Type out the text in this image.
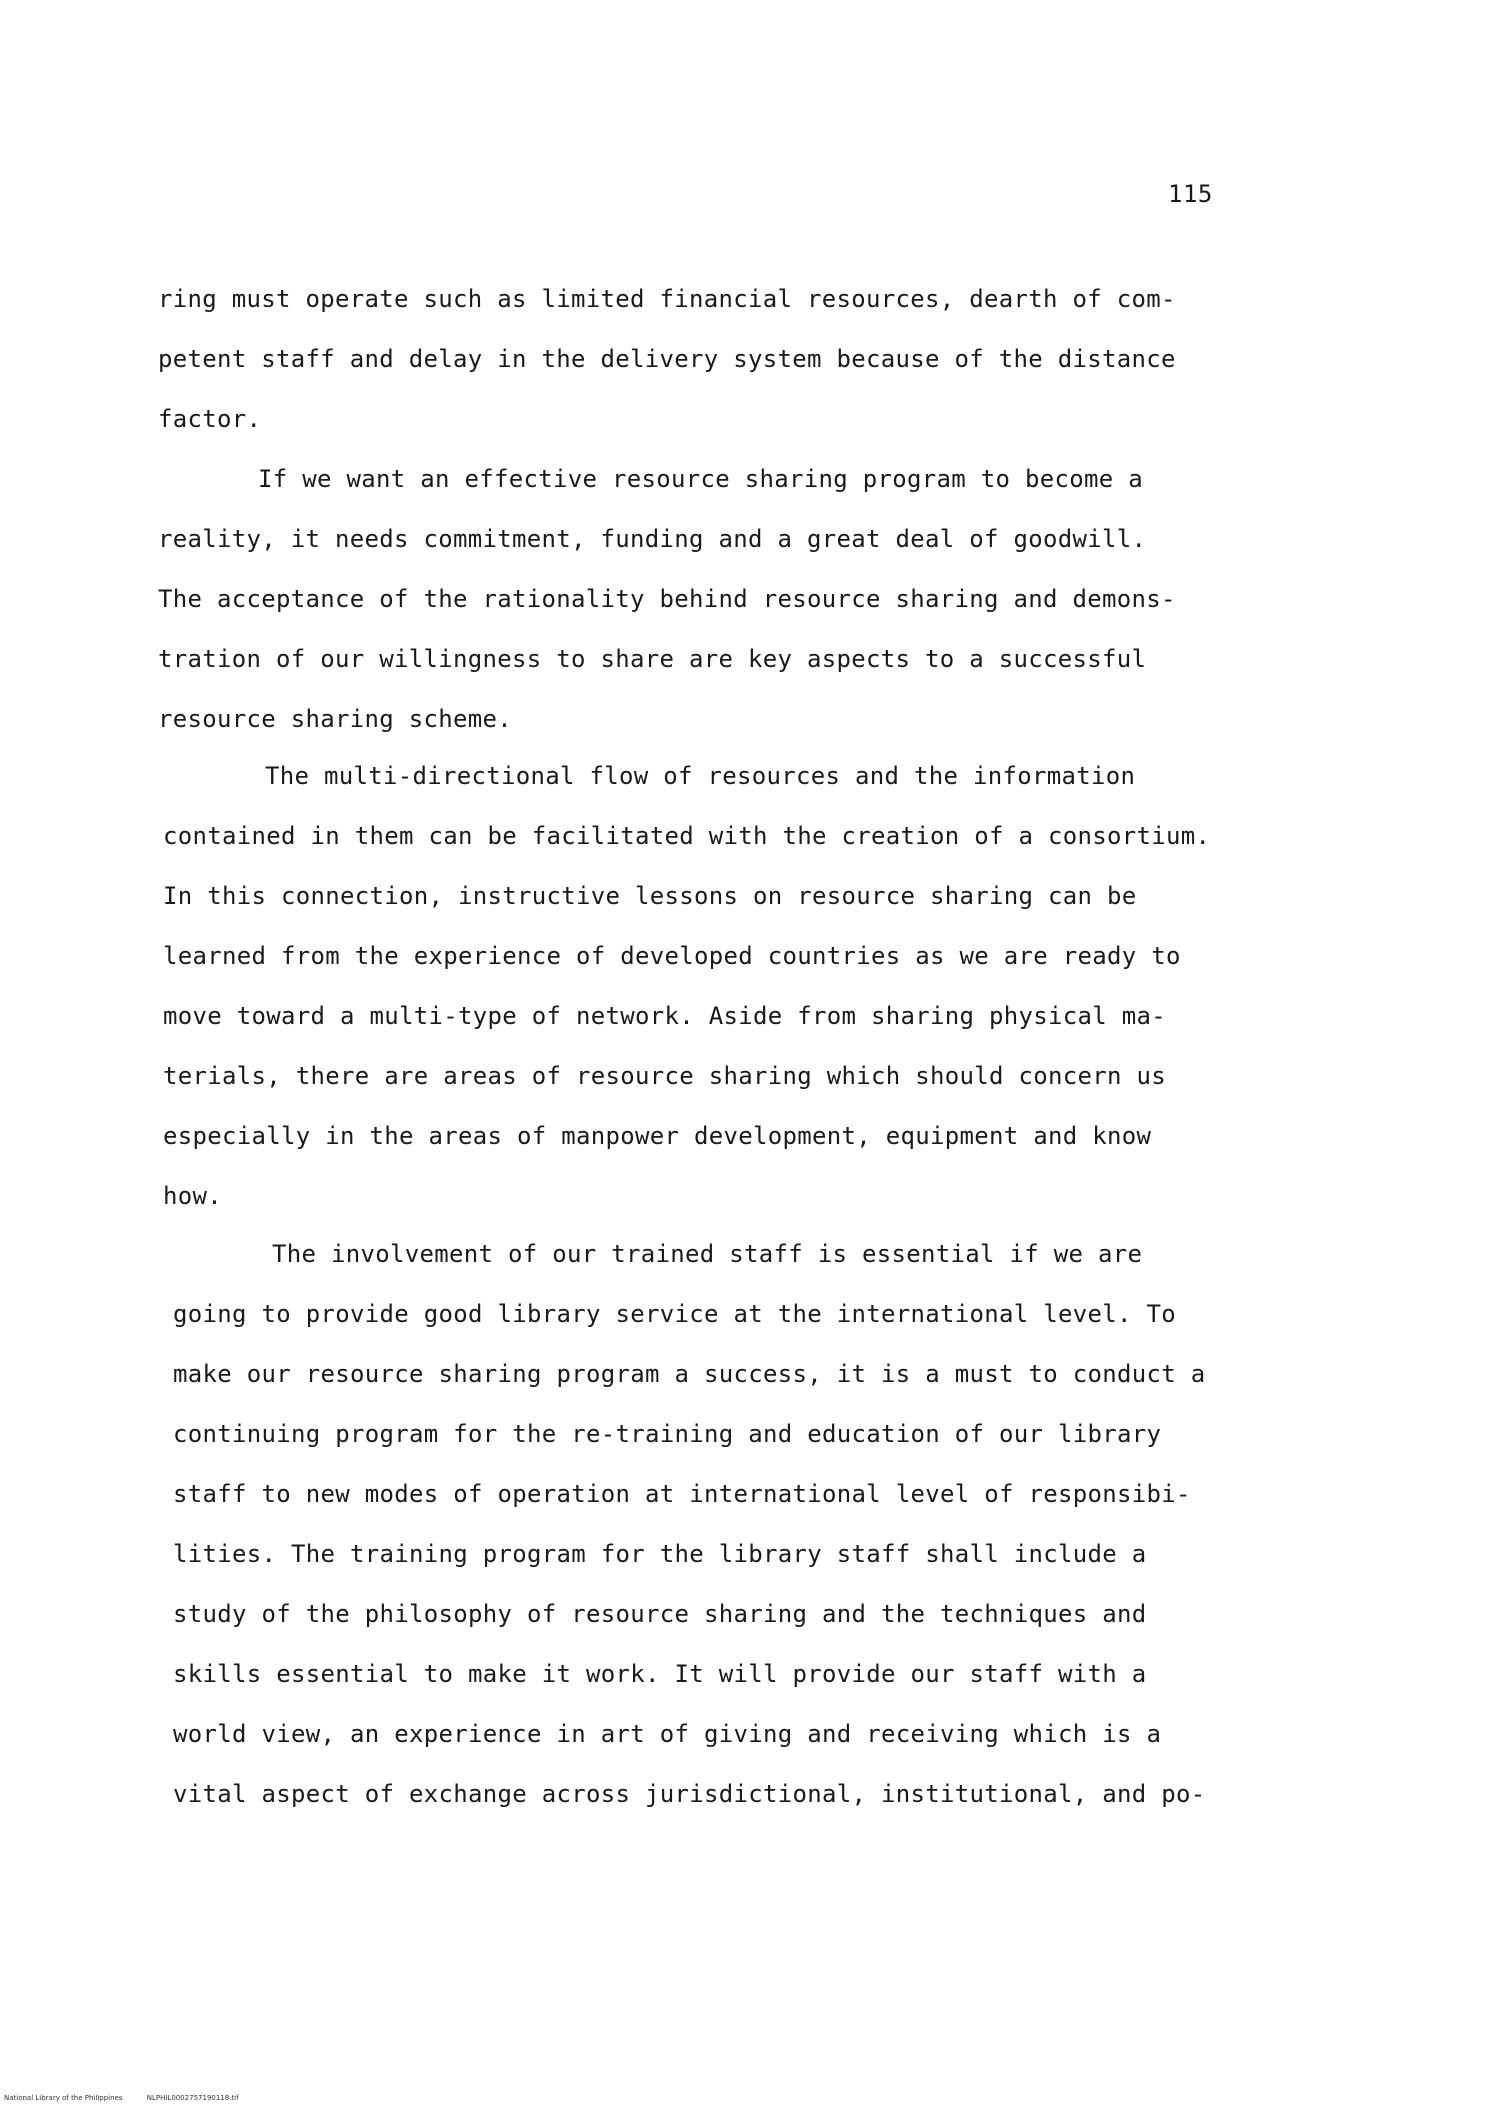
115
ring must operate such as limited financial resources, dearth of com-
petent staff and delay in the delivery system because of the distance
factor.
If we want an effective resource sharing program to become a
reality, it needs commitment, funding and a great deal of goodwill.
The acceptance of the rationality behind resource sharing and demons-
tration of our willingness to share are key aspects to a successful
resource sharing scheme.
The multi-directional flow of resources and the information
contained in them can be facilitated with the creation of a consortium.
In this connection, instructive lessons on resource sharing can be
learned from the experience of developed countries as we are ready to
move toward a multi-type of network. Aside from sharing physical ma-
terials, there are areas of resource sharing which should concern us
especially in the areas of manpower development, equipment and know
how.
The involvement of our trained staff is essential if we are
going to provide good library service at the international level. To
make our resource sharing program a success, it is a must to conduct a
continuing program for the re-training and education of our library
staff to new modes of operation at international level of responsibi-
lities. The training program for the library staff shall include a
study of the philosophy of resource sharing and the techniques and
skills essential to make it work. It will provide our staff with a
world view, an experience in art of giving and receiving which is a
vital aspect of exchange across jurisdictional, institutional, and po-
National Library of the Philippines	NLPHIL0002757190118.tif
